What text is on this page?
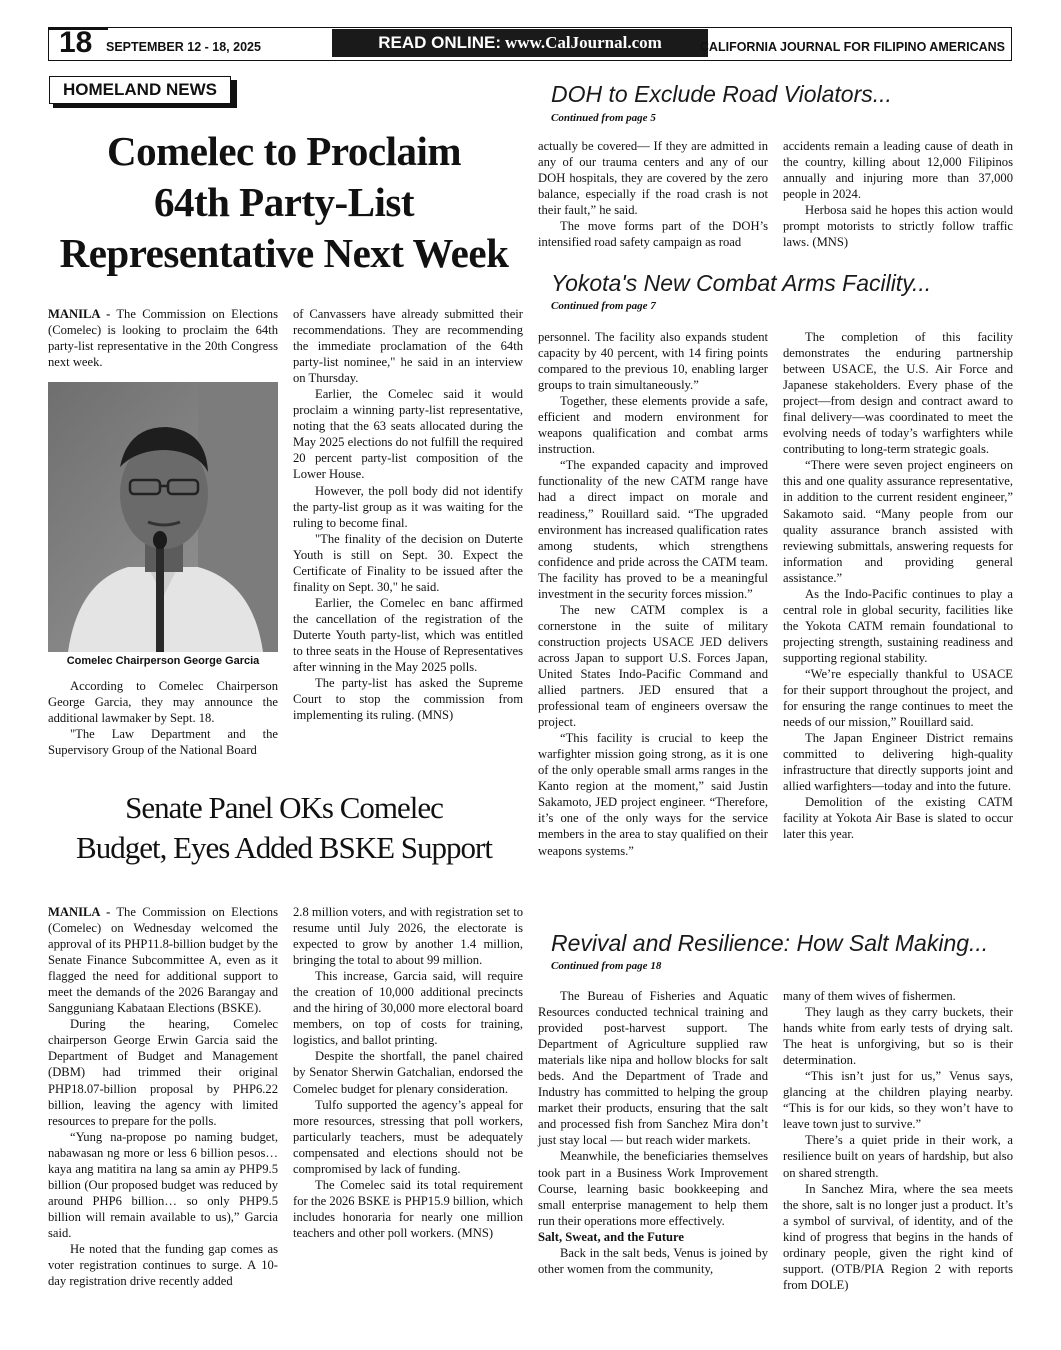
18 SEPTEMBER 12 - 18, 2025	READ ONLINE: www.CalJournal.com	CALIFORNIA JOURNAL FOR FILIPINO AMERICANS
HOMELAND NEWS
Comelec to Proclaim
64th Party-List
Representative Next Week

MANILA - The Commission on Elections (Comelec) is looking to proclaim the 64th party-list representative in the 20th Congress next week.

Comelec Chairperson George Garcia

According to Comelec Chairperson George Garcia, they may announce the additional lawmaker by Sept. 18.

"The Law Department and the Supervisory Group of the National Board

of Canvassers have already submitted their recommendations. They are recommending the immediate proclamation of the 64th party-list nominee," he said in an interview on Thursday.

Earlier, the Comelec said it would proclaim a winning party-list representative, noting that the 63 seats allocated during the May 2025 elections do not fulfill the required 20 percent party-list composition of the Lower House.

However, the poll body did not identify the party-list group as it was waiting for the ruling to become final.

"The finality of the decision on Duterte Youth is still on Sept. 30. Expect the Certificate of Finality to be issued after the finality on Sept. 30," he said.

Earlier, the Comelec en banc affirmed the cancellation of the registration of the Duterte Youth party-list, which was entitled to three seats in the House of Representatives after winning in the May 2025 polls.

The party-list has asked the Supreme Court to stop the commission from implementing its ruling. (MNS)

Senate Panel OKs Comelec
Budget, Eyes Added BSKE Support

MANILA - The Commission on Elections (Comelec) on Wednesday welcomed the approval of its PHP11.8-billion budget by the Senate Finance Subcommittee A, even as it flagged the need for additional support to meet the demands of the 2026 Barangay and Sangguniang Kabataan Elections (BSKE).

During the hearing, Comelec chairperson George Erwin Garcia said the Department of Budget and Management (DBM) had trimmed their original PHP18.07-billion proposal by PHP6.22 billion, leaving the agency with limited resources to prepare for the polls.

“Yung na-propose po naming budget, nabawasan ng more or less 6 billion pesos… kaya ang matitira na lang sa amin ay PHP9.5 billion (Our proposed budget was reduced by around PHP6 billion… so only PHP9.5 billion will remain available to us),” Garcia said.

He noted that the funding gap comes as voter registration continues to surge. A 10-day registration drive recently added

2.8 million voters, and with registration set to resume until July 2026, the electorate is expected to grow by another 1.4 million, bringing the total to about 99 million.

This increase, Garcia said, will require the creation of 10,000 additional precincts and the hiring of 30,000 more electoral board members, on top of costs for training, logistics, and ballot printing.

Despite the shortfall, the panel chaired by Senator Sherwin Gatchalian, endorsed the Comelec budget for plenary consideration.

Tulfo supported the agency’s appeal for more resources, stressing that poll workers, particularly teachers, must be adequately compensated and elections should not be compromised by lack of funding.

The Comelec said its total requirement for the 2026 BSKE is PHP15.9 billion, which includes honoraria for nearly one million teachers and other poll workers. (MNS)

DOH to Exclude Road Violators...
Continued from page 5

actually be covered— If they are admitted in any of our trauma centers and any of our DOH hospitals, they are covered by the zero balance, especially if the road crash is not their fault,” he said.

The move forms part of the DOH’s intensified road safety campaign as road

accidents remain a leading cause of death in the country, killing about 12,000 Filipinos annually and injuring more than 37,000 people in 2024.

Herbosa said he hopes this action would prompt motorists to strictly follow traffic laws. (MNS)

Yokota's New Combat Arms Facility...
Continued from page 7

personnel. The facility also expands student capacity by 40 percent, with 14 firing points compared to the previous 10, enabling larger groups to train simultaneously.”

Together, these elements provide a safe, efficient and modern environment for weapons qualification and combat arms instruction.

“The expanded capacity and improved functionality of the new CATM range have had a direct impact on morale and readiness,” Rouillard said. “The upgraded environment has increased qualification rates among students, which strengthens confidence and pride across the CATM team. The facility has proved to be a meaningful investment in the security forces mission.”

The new CATM complex is a cornerstone in the suite of military construction projects USACE JED delivers across Japan to support U.S. Forces Japan, United States Indo-Pacific Command and allied partners. JED ensured that a professional team of engineers oversaw the project.

“This facility is crucial to keep the warfighter mission going strong, as it is one of the only operable small arms ranges in the Kanto region at the moment,” said Justin Sakamoto, JED project engineer. “Therefore, it’s one of the only ways for the service members in the area to stay qualified on their weapons systems.”

The completion of this facility demonstrates the enduring partnership between USACE, the U.S. Air Force and Japanese stakeholders. Every phase of the project—from design and contract award to final delivery—was coordinated to meet the evolving needs of today’s warfighters while contributing to long-term strategic goals.

“There were seven project engineers on this and one quality assurance representative, in addition to the current resident engineer,” Sakamoto said. “Many people from our quality assurance branch assisted with reviewing submittals, answering requests for information and providing general assistance.”

As the Indo-Pacific continues to play a central role in global security, facilities like the Yokota CATM remain foundational to projecting strength, sustaining readiness and supporting regional stability.

“We’re especially thankful to USACE for their support throughout the project, and for ensuring the range continues to meet the needs of our mission,” Rouillard said.

The Japan Engineer District remains committed to delivering high-quality infrastructure that directly supports joint and allied warfighters—today and into the future.

Demolition of the existing CATM facility at Yokota Air Base is slated to occur later this year.

Revival and Resilience: How Salt Making...
Continued from page 18

The Bureau of Fisheries and Aquatic Resources conducted technical training and provided post-harvest support. The Department of Agriculture supplied raw materials like nipa and hollow blocks for salt beds. And the Department of Trade and Industry has committed to helping the group market their products, ensuring that the salt and processed fish from Sanchez Mira don’t just stay local — but reach wider markets.

Meanwhile, the beneficiaries themselves took part in a Business Work Improvement Course, learning basic bookkeeping and small enterprise management to help them run their operations more effectively.

Salt, Sweat, and the Future

Back in the salt beds, Venus is joined by other women from the community,

many of them wives of fishermen.

They laugh as they carry buckets, their hands white from early tests of drying salt. The heat is unforgiving, but so is their determination.

“This isn’t just for us,” Venus says, glancing at the children playing nearby. “This is for our kids, so they won’t have to leave town just to survive.”

There’s a quiet pride in their work, a resilience built on years of hardship, but also on shared strength.

In Sanchez Mira, where the sea meets the shore, salt is no longer just a product. It’s a symbol of survival, of identity, and of the kind of progress that begins in the hands of ordinary people, given the right kind of support. (OTB/PIA Region 2 with reports from DOLE)
